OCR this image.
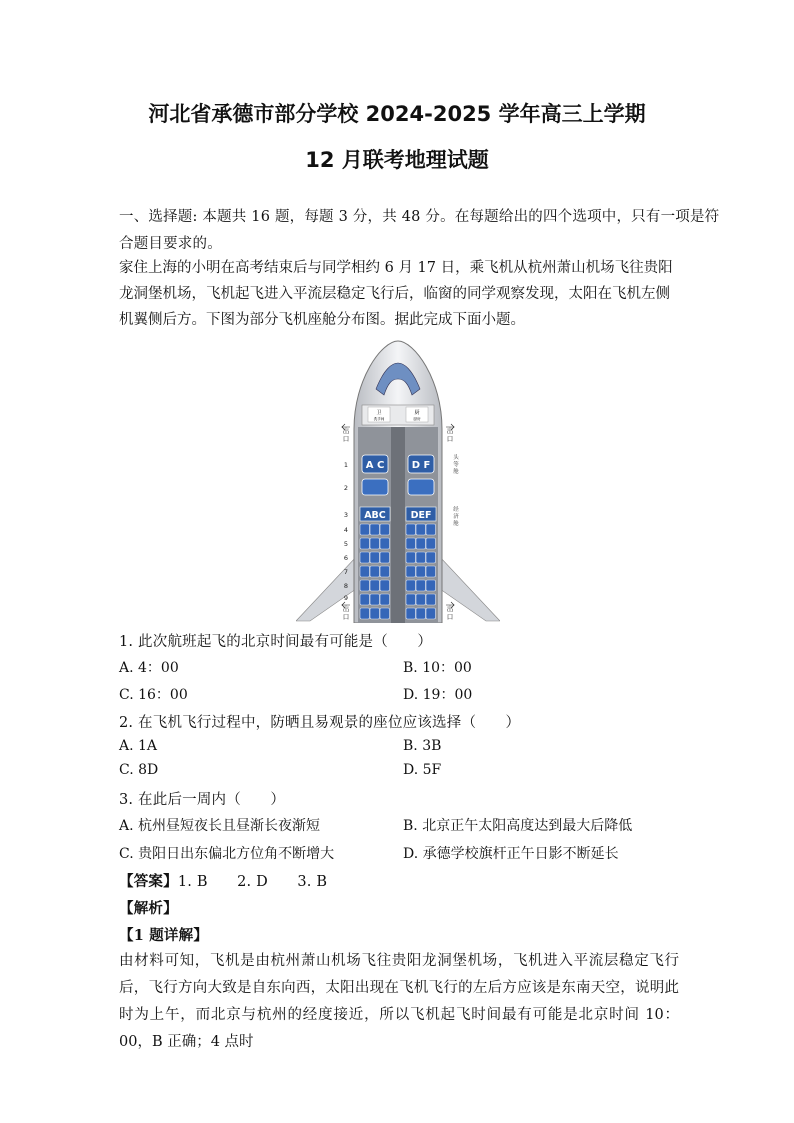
河北省承德市部分学校 2024-2025 学年高三上学期
12 月联考地理试题
一、选择题: 本题共 16 题，每题 3 分，共 48 分。在每题给出的四个选项中，只有一项是符
合题目要求的。
家住上海的小明在高考结束后与同学相约 6 月 17 日，乘飞机从杭州萧山机场飞往贵阳龙洞堡机场，飞机起飞进入平流层稳定飞行后，临窗的同学观察发现，太阳在飞机左侧机翼侧后方。下图为部分飞机座舱分布图。据此完成下面小题。
卫
洗手间
厨
厨房
出
口
出
口
出
口
出
口
A C	D F
ABC	DEF
1
2
3
4
5
6
7
8
9
头
等
舱
经
济
舱
1. 此次航班起飞的北京时间最有可能是（　　）
A. 4：00	B. 10：00
C. 16：00	D. 19：00
2. 在飞机飞行过程中，防晒且易观景的座位应该选择（　　）
A. 1A	B. 3B
C. 8D	D. 5F
3. 在此后一周内（　　）
A. 杭州昼短夜长且昼渐长夜渐短	B. 北京正午太阳高度达到最大后降低
C. 贵阳日出东偏北方位角不断增大	D. 承德学校旗杆正午日影不断延长
【答案】1. B　　2. D　　3. B
【解析】
【1 题详解】
由材料可知，飞机是由杭州萧山机场飞往贵阳龙洞堡机场，飞机进入平流层稳定飞行后，飞行方向大致是自东向西，太阳出现在飞机飞行的左后方应该是东南天空，说明此时为上午，而北京与杭州的经度接近，所以飞机起飞时间最有可能是北京时间 10：00，B 正确；4 点时
